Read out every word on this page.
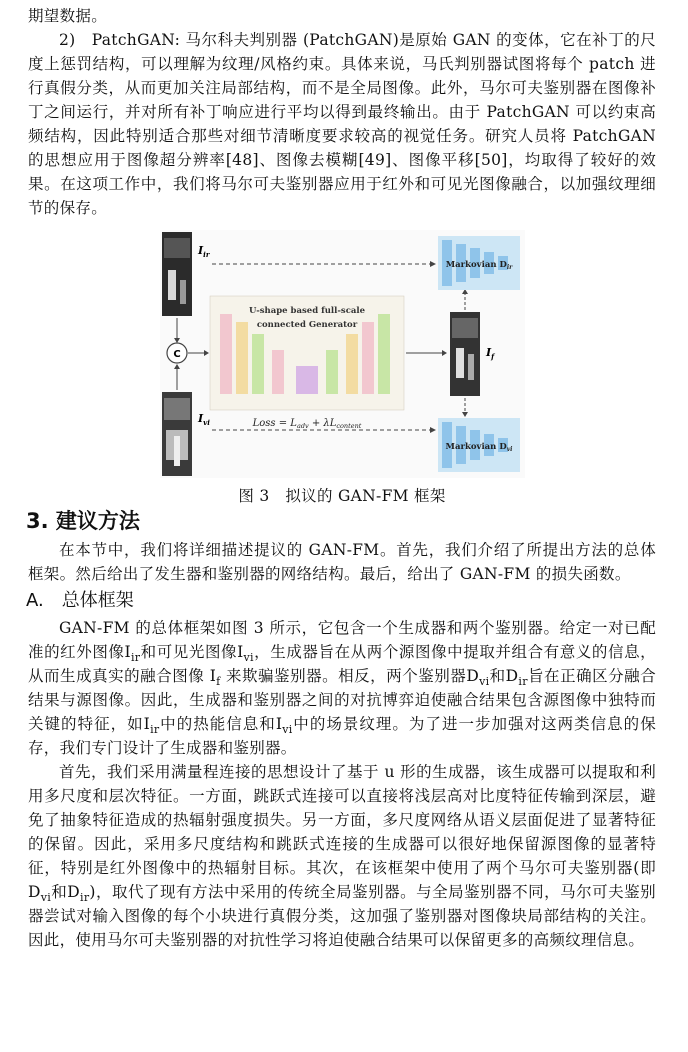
期望数据。

2)　PatchGAN: 马尔科夫判别器 (PatchGAN)是原始 GAN 的变体，它在补丁的尺度上惩罚结构，可以理解为纹理/风格约束。具体来说，马氏判别器试图将每个 patch 进行真假分类，从而更加关注局部结构，而不是全局图像。此外，马尔可夫鉴别器在图像补丁之间运行，并对所有补丁响应进行平均以得到最终输出。由于 PatchGAN 可以约束高频结构，因此特别适合那些对细节清晰度要求较高的视觉任务。研究人员将 PatchGAN 的思想应用于图像超分辨率[48]、图像去模糊[49]、图像平移[50]，均取得了较好的效果。在这项工作中，我们将马尔可夫鉴别器应用于红外和可见光图像融合，以加强纹理细节的保存。

$I_{ir}$
$I_{vi}$
C
U-shape based full-scale
connected Generator
$I_f$
Markovian $D_{ir}$
Markovian $D_{vi}$
Loss = $L_{adv} + \lambda L_{content}$

图 3　拟议的 GAN-FM 框架

3. 建议方法

在本节中，我们将详细描述提议的 GAN-FM。首先，我们介绍了所提出方法的总体框架。然后给出了发生器和鉴别器的网络结构。最后，给出了 GAN-FM 的损失函数。

A.　总体框架

GAN-FM 的总体框架如图 3 所示，它包含一个生成器和两个鉴别器。给定一对已配准的红外图像$I_{ir}$和可见光图像$I_{vi}$，生成器旨在从两个源图像中提取并组合有意义的信息，从而生成真实的融合图像 $I_f$ 来欺骗鉴别器。相反，两个鉴别器$D_{vi}$和$D_{ir}$旨在正确区分融合结果与源图像。因此，生成器和鉴别器之间的对抗博弈迫使融合结果包含源图像中独特而关键的特征，如$I_{ir}$中的热能信息和$I_{vi}$中的场景纹理。为了进一步加强对这两类信息的保存，我们专门设计了生成器和鉴别器。

首先，我们采用满量程连接的思想设计了基于 u 形的生成器，该生成器可以提取和利用多尺度和层次特征。一方面，跳跃式连接可以直接将浅层高对比度特征传输到深层，避免了抽象特征造成的热辐射强度损失。另一方面，多尺度网络从语义层面促进了显著特征的保留。因此，采用多尺度结构和跳跃式连接的生成器可以很好地保留源图像的显著特征，特别是红外图像中的热辐射目标。其次，在该框架中使用了两个马尔可夫鉴别器(即$D_{vi}$和$D_{ir}$)，取代了现有方法中采用的传统全局鉴别器。与全局鉴别器不同，马尔可夫鉴别器尝试对输入图像的每个小块进行真假分类，这加强了鉴别器对图像块局部结构的关注。因此，使用马尔可夫鉴别器的对抗性学习将迫使融合结果可以保留更多的高频纹理信息。
